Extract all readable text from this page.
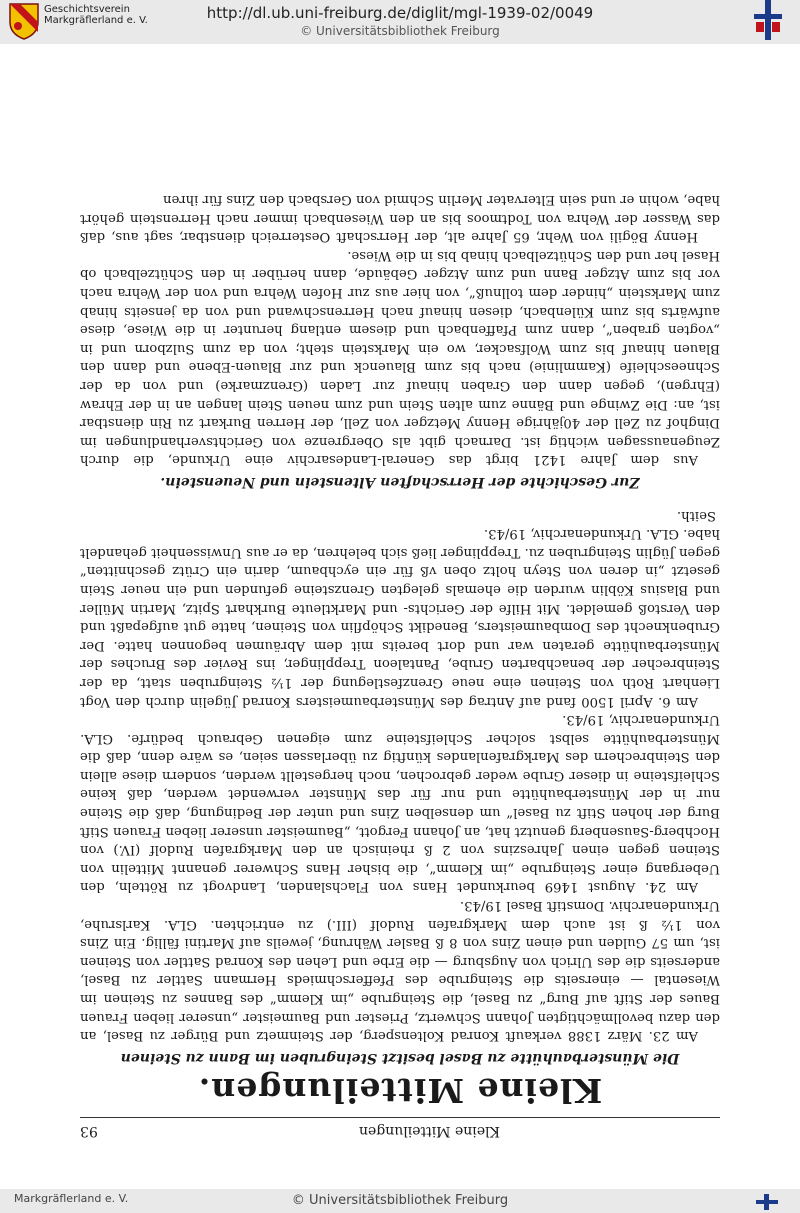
Geschichtsverein
Markgräflerland e. V.	http://dl.ub.uni-freiburg.de/diglit/mgl-1939-02/0049
© Universitätsbibliothek Freiburg
Kleine Mitteilungen
93
Kleine Mitteilungen.
Die Münsterbauhütte zu Basel besitzt Steingruben im Bann zu Steinen

Am 23. März 1388 verkauft Konrad Koltensperg, der Steinmetz und Bürger zu Basel, an den dazu bevollmächtigten Johann Schwertz, Priester und Baumeister „unserer lieben Frauen Baues der Stift auf Burg“ zu Basel, die Steingrube „im Klemm“ des Bannes zu Steinen im Wiesental — einerseits die Steingrube des Pfefferschmieds Hermann Sattler zu Basel, anderseits die des Ulrich von Augsburg — die Erbe und Lehen des Konrad Sattler von Steinen ist, um 57 Gulden und einen Zins von 8 ß Basler Währung, jeweils auf Martini fällig. Ein Zins von 1½ ß ist auch dem Markgrafen Rudolf (III.) zu entrichten. GLA. Karlsruhe, Urkundenarchiv. Domstift Basel 19/43.

Am 24. August 1469 beurkundet Hans von Flachslanden, Landvogt zu Rötteln, den Uebergang einer Steingrube „im Klemm“, die bisher Hans Schwerer genannt Mittelin von Steinen gegen einen Jahreszins von 2 ß rheinisch an den Markgrafen Rudolf (IV.) von Hochberg-Sausenberg genutzt hat, an Johann Fergott, „Baumeister unserer lieben Frauen Stift Burg der hohen Stift zu Basel“ um denselben Zins und unter der Bedingung, daß die Steine nur in der Münsterbauhütte und nur für das Münster verwendet werden, daß keine Schleifsteine in dieser Grube weder gebrochen, noch hergestellt werden, sondern diese allein den Steinbrechern des Markgrafenlandes künftig zu überlassen seien, es wäre denn, daß die Münsterbauhütte selbst solcher Schleifsteine zum eigenen Gebrauch bedürfe. GLA. Urkundenarchiv, 19/43.

Am 6. April 1500 fand auf Antrag des Münsterbaumeisters Konrad Jügelin durch den Vogt Lienhart Roth von Steinen eine neue Grenzfestlegung der 1½ Steingruben statt, da der Steinbrecher der benachbarten Grube, Pantaleon Trepplinger, ins Revier des Bruches der Münsterbauhütte geraten war und dort bereits mit dem Abräumen begonnen hatte. Der Grubenknecht des Dombaumeisters, Benedikt Schöpflin von Steinen, hatte gut aufgepaßt und den Verstoß gemeldet. Mit Hilfe der Gerichts- und Marktleute Burkhart Spitz, Martin Müller und Blasius Köblin wurden die ehemals gelegten Grenzsteine gefunden und ein neuer Stein gesetzt „in deren von Steyn holtz oben vß für ein eychbaum, darin ein Crütz geschnitten“ gegen Jüglin Steingruben zu. Trepplinger ließ sich belehren, da er aus Unwissenheit gehandelt habe. GLA. Urkundenarchiv, 19/43.

Seith.

Zur Geschichte der Herrschaften Altenstein und Neuenstein.

Aus dem Jahre 1421 birgt das General-Landesarchiv eine Urkunde, die durch Zeugenaussagen wichtig ist. Darnach gibt als Obergrenze von Gerichtsverhandlungen im Dinghof zu Zell der 40jährige Henny Metzger von Zell, der Herren Burkart zu Rin dienstbar ist, an: Die Zwinge und Bänne zum alten Stein und zum neuen Stein langen an in der Ehraw (Ehrgen), gegen dann den Graben hinauf zur Laden (Grenzmarke) und von da der Schneeschleife (Kammlinie) nach bis zum Blauenck und zur Blauen-Ebene und dann den Blauen hinauf bis zum Wolfsacker, wo ein Markstein steht; von da zum Sulzborn und in „vogten graben“, dann zum Pfaffenbach und diesem entlang herunter in die Wiese, diese aufwärts bis zum Külenbach, diesen hinauf nach Herrenschwand und von da jenseits hinab zum Markstein „hinder dem tollnuß“, von hier aus zur Hofen Wehra und von der Wehra nach vor bis zum Atzger Bann und zum Atzger Gebäude, dann herüber in den Schützelbach ob Hasel her und den Schützelbach hinab bis in die Wiese.

Henny Bögili von Wehr, 65 Jahre alt, der Herrschaft Oesterreich dienstbar, sagt aus, daß das Wasser der Wehra von Todtmoos bis an den Wiesenbach immer nach Herrenstein gehört habe, wohin er und sein Eltervater Merlin Schmid von Gersbach den Zins für ihren

Markgräflerland e. V.	© Universitätsbibliothek Freiburg
